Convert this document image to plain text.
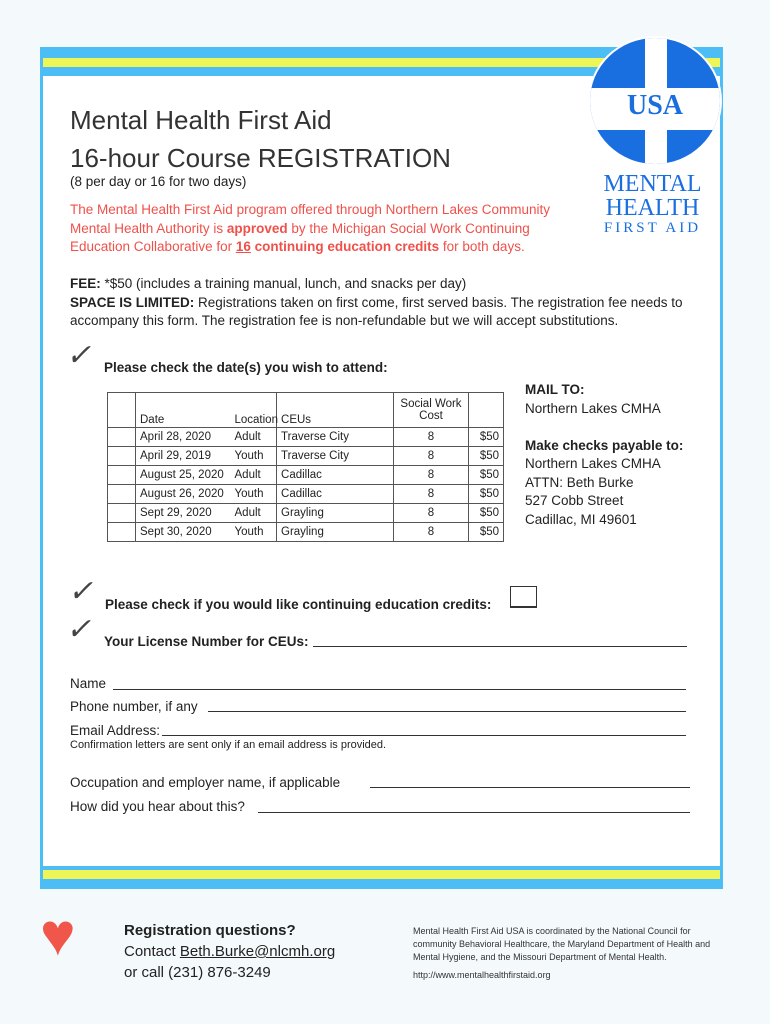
USA
MENTAL
HEALTH
FIRST AID
Mental Health First Aid
16-hour Course REGISTRATION
(8 per day or 16 for two days)
The Mental Health First Aid program offered through Northern Lakes Community Mental Health Authority is approved by the Michigan Social Work Continuing Education Collaborative for 16 continuing education credits for both days.
FEE: *$50 (includes a training manual, lunch, and snacks per day)
SPACE IS LIMITED: Registrations taken on first come, first served basis. The registration fee needs to accompany this form. The registration fee is non-refundable but we will accept substitutions.
✓ Please check the date(s) you wish to attend:
	Date Location	CEUs	Social Work Cost	
	April 28, 2020 Adult	Traverse City	8	$50
	April 29, 2019 Youth	Traverse City	8	$50
	August 25, 2020 Adult	Cadillac	8	$50
	August 26, 2020 Youth	Cadillac	8	$50
	Sept 29, 2020 Adult	Grayling	8	$50
	Sept 30, 2020 Youth	Grayling	8	$50
MAIL TO:
Northern Lakes CMHA

Make checks payable to:
Northern Lakes CMHA
ATTN: Beth Burke
527 Cobb Street
Cadillac, MI 49601
✓ Please check if you would like continuing education credits:
✓ Your License Number for CEUs:
Name
Phone number, if any
Email Address:
Confirmation letters are sent only if an email address is provided.
Occupation and employer name, if applicable
How did you hear about this?
♥	Registration questions?
Contact Beth.Burke@nlcmh.org
or call (231) 876-3249
Mental Health First Aid USA is coordinated by the National Council for community Behavioral Healthcare, the Maryland Department of Health and Mental Hygiene, and the Missouri Department of Mental Health.
http://www.mentalhealthfirstaid.org
